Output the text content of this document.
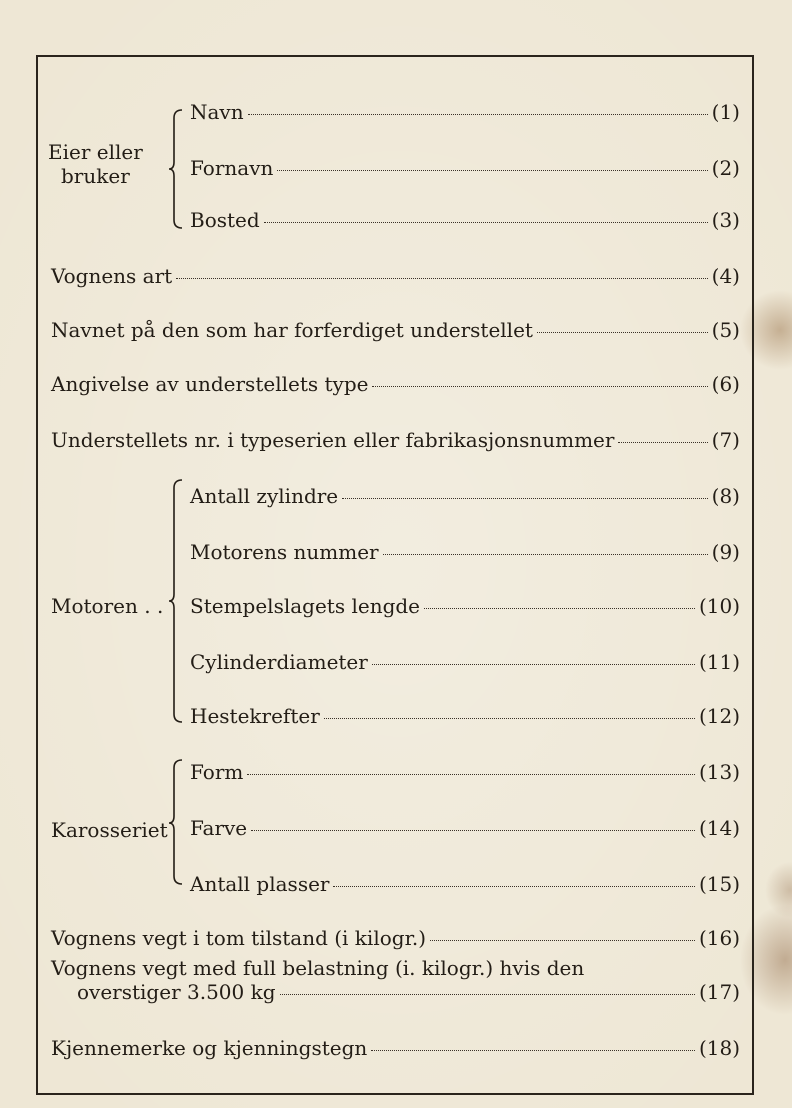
Eier eller
bruker
Navn	(1)
Fornavn	(2)
Bosted	(3)
Vognens art	(4)
Navnet på den som har forferdiget understellet	(5)
Angivelse av understellets type	(6)
Understellets nr. i typeserien eller fabrikasjonsnummer	(7)
Motoren . .
Antall zylindre	(8)
Motorens nummer	(9)
Stempelslagets lengde	(10)
Cylinderdiameter	(11)
Hestekrefter	(12)
Karosseriet
Form	(13)
Farve	(14)
Antall plasser	(15)
Vognens vegt i tom tilstand (i kilogr.)	(16)
Vognens vegt med full belastning (i. kilogr.) hvis den
overstiger 3.500 kg	(17)
Kjennemerke og kjenningstegn	(18)
